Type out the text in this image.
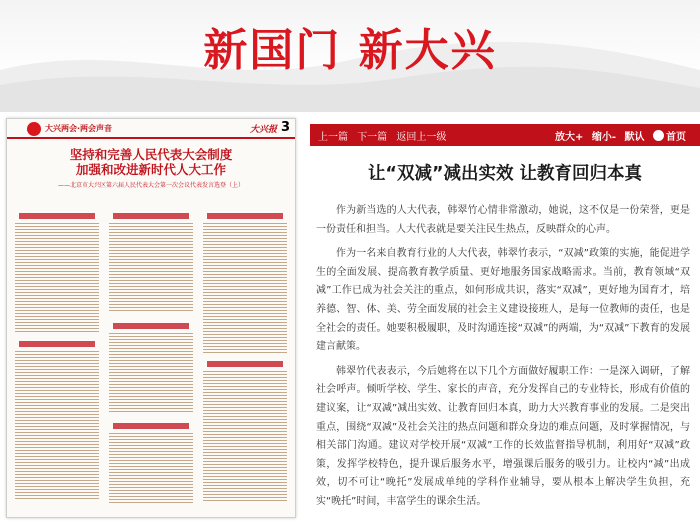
新国门 新大兴
大兴两会·两会声音	大兴报 3
坚持和完善人民代表大会制度
加强和改进新时代人大工作
——北京市大兴区第六届人民代表大会第一次会议代表发言选登（上）
上一篇 下一篇 返回上一级	放大+ 缩小- 默认 首页
让“双减”减出实效 让教育回归本真

作为新当选的人大代表，韩翠竹心情非常激动，她说，这不仅是一份荣誉，更是一份责任和担当。人大代表就是要关注民生热点，反映群众的心声。

作为一名来自教育行业的人大代表，韩翠竹表示，“双减”政策的实施，能促进学生的全面发展、提高教育教学质量、更好地服务国家战略需求。当前，教育领域“双减”工作已成为社会关注的重点，如何形成共识，落实“双减”，更好地为国育才，培养德、智、体、美、劳全面发展的社会主义建设接班人，是每一位教师的责任，也是全社会的责任。她要积极履职，及时沟通连接“双减”的两端，为“双减”下教育的发展建言献策。

韩翠竹代表表示，今后她将在以下几个方面做好履职工作：一是深入调研，了解社会呼声。倾听学校、学生、家长的声音，充分发挥自己的专业特长，形成有价值的建议案，让“双减”减出实效、让教育回归本真，助力大兴教育事业的发展。二是突出重点，围绕“双减”及社会关注的热点问题和群众身边的难点问题，及时掌握情况，与相关部门沟通。建议对学校开展“双减”工作的长效监督指导机制，利用好“双减”政策，发挥学校特色，提升课后服务水平，增强课后服务的吸引力。让校内“减”出成效，切不可让“晚托”发展成单纯的学科作业辅导，要从根本上解决学生负担，充实“晚托”时间，丰富学生的课余生活。
